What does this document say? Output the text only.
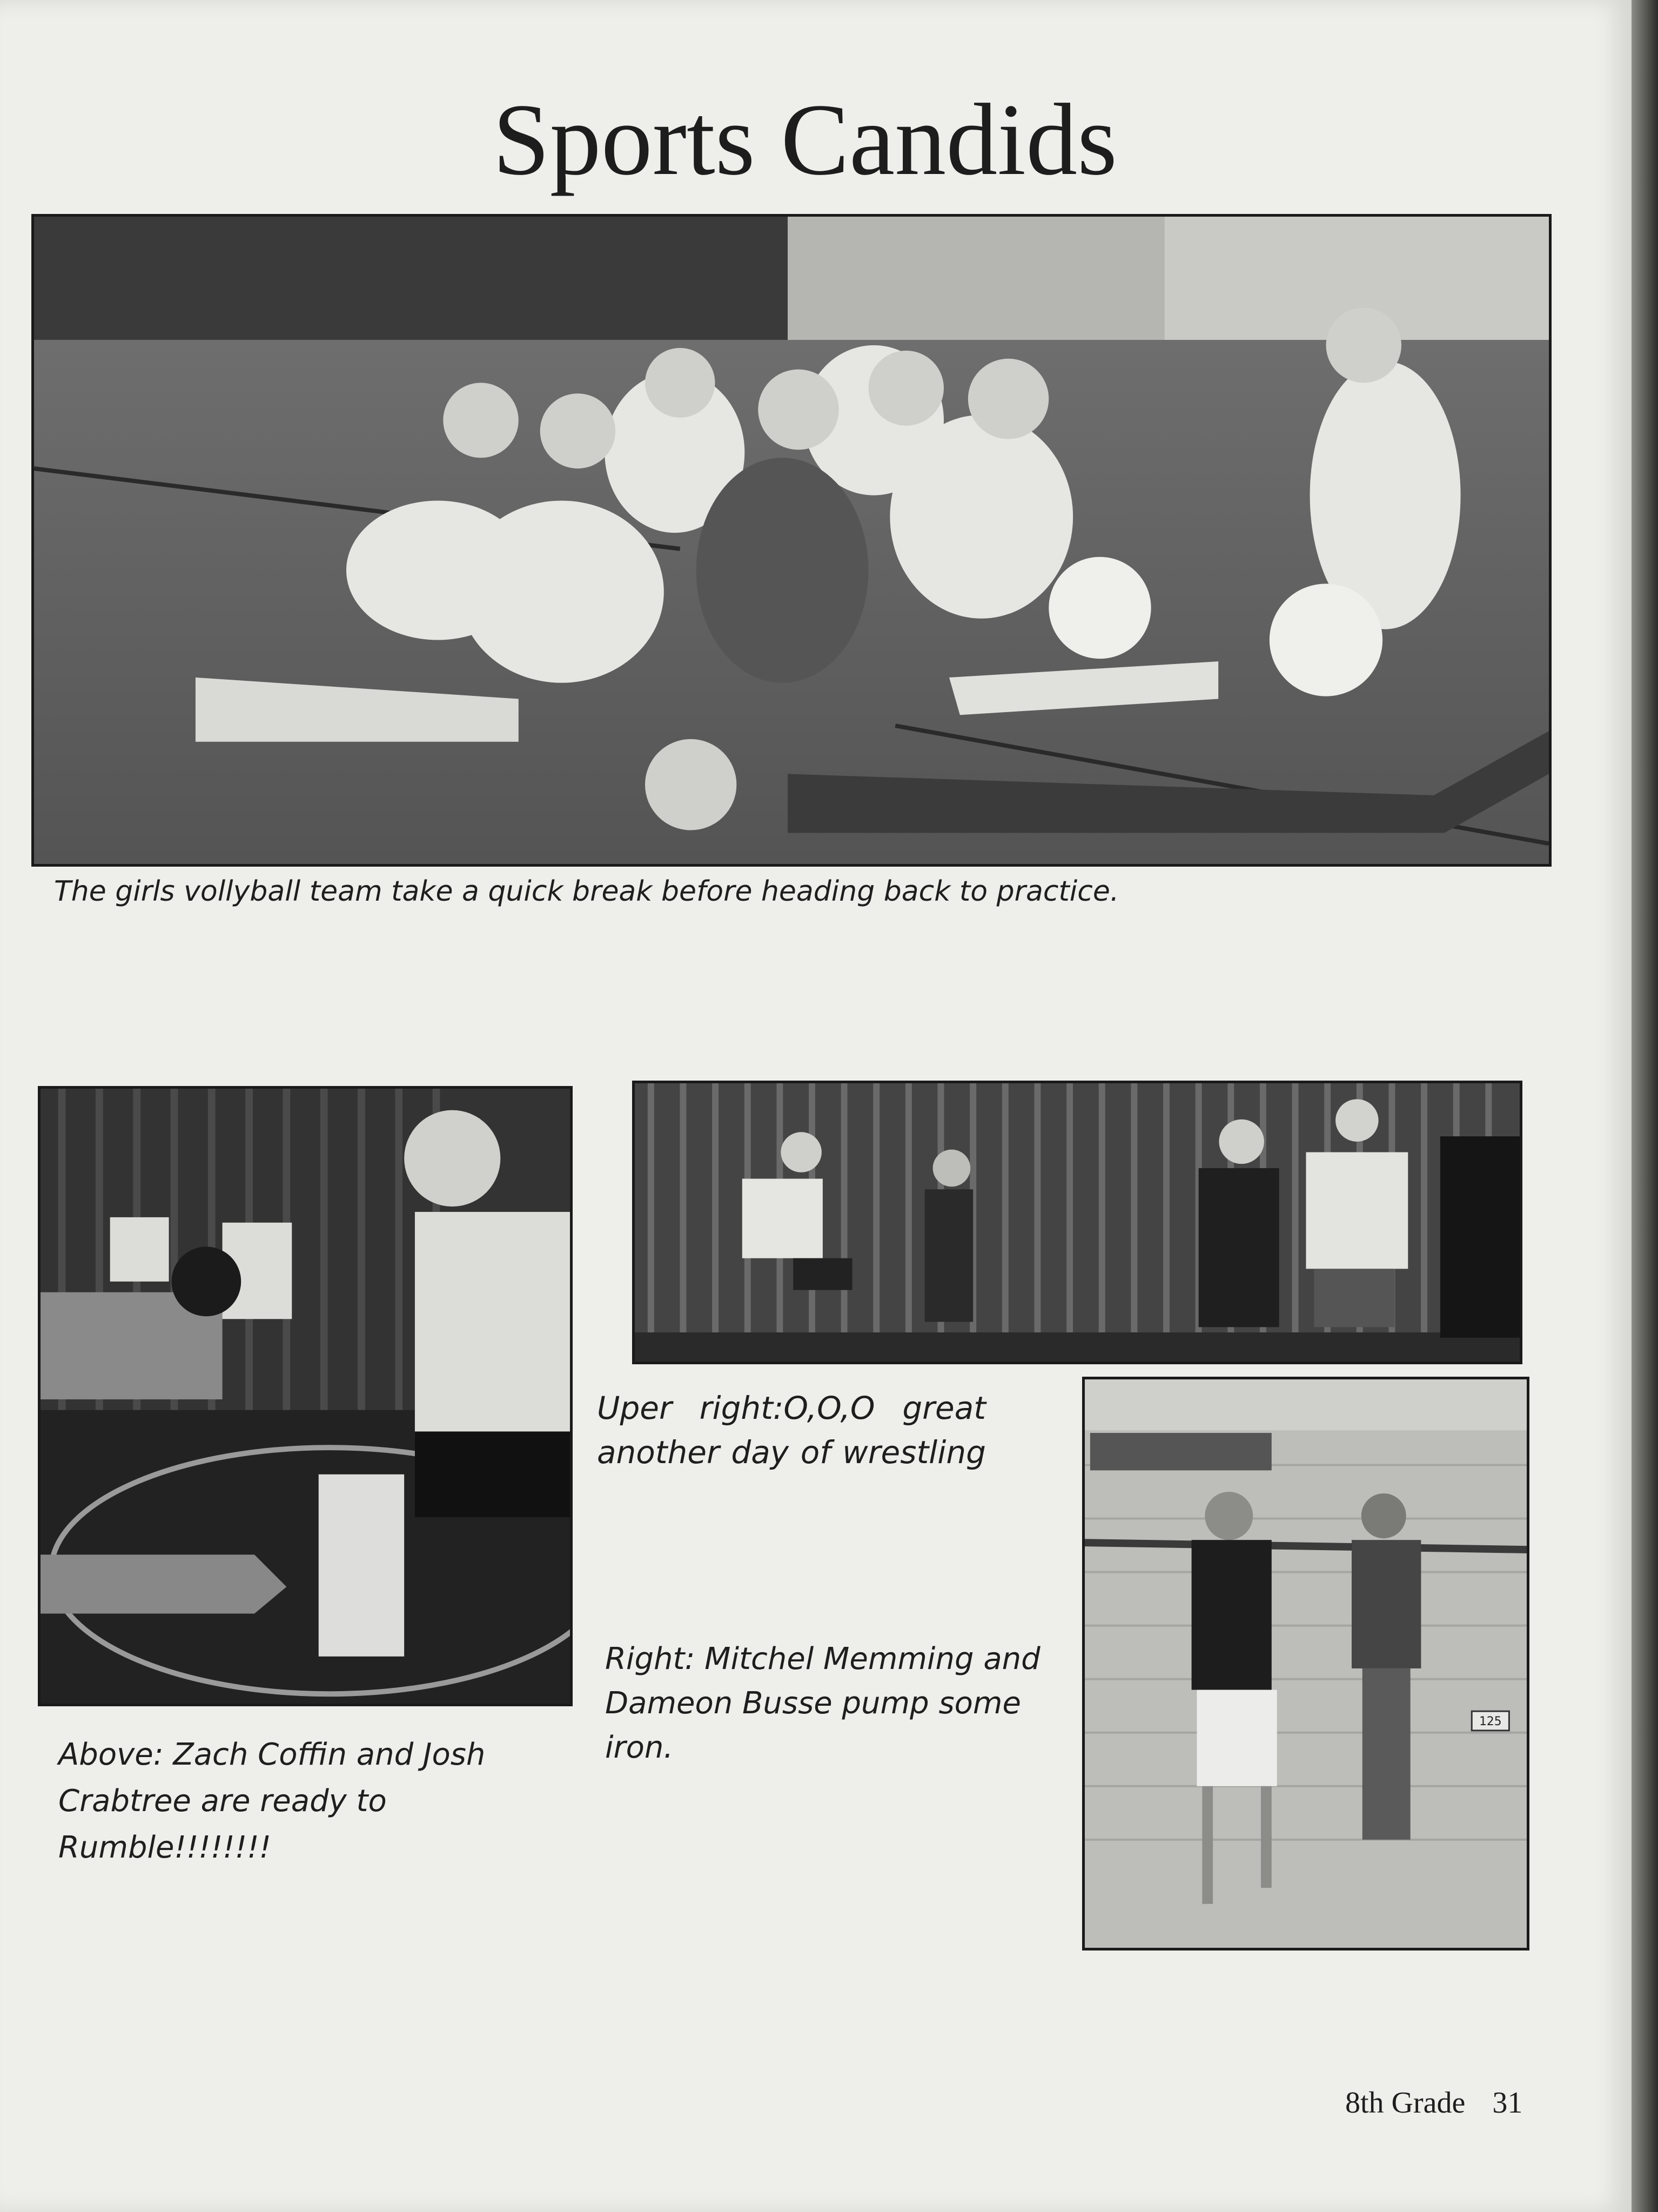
Sports Candids

The girls vollyball team take a quick break before heading back to practice.

Above: Zach Coffin and Josh Crabtree are ready to Rumble!!!!!!!!

Uper right:O,O,O great another day of wrestling

125

Right: Mitchel Memming and Dameon Busse pump some iron.

8th Grade 31
